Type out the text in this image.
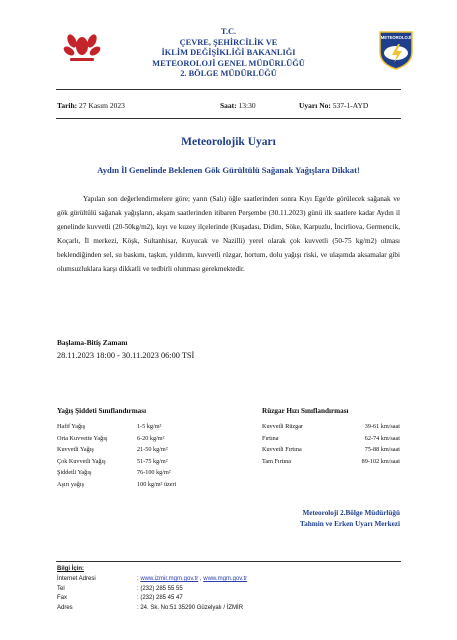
T.C.
ÇEVRE, ŞEHİRCİLİK VE
İKLİM DEĞİŞİKLİĞİ BAKANLIĞI
METEOROLOJİ GENEL MÜDÜRLÜĞÜ
2. BÖLGE MÜDÜRLÜĞÜ
METEOROLOJİ
Tarih: 27 Kasım 2023	Saat: 13:30	Uyarı No: 537-1-AYD
Meteorolojik Uyarı
Aydın İl Genelinde Beklenen Gök Gürültülü Sağanak Yağışlara Dikkat!
Yapılan son değerlendirmelere göre; yarın (Salı) öğle saatlerinden sonra Kıyı Ege'de görülecek sağanak ve gök gürültülü sağanak yağışların, akşam saatlerinden itibaren Perşembe (30.11.2023) günü ilk saatlere kadar Aydın il genelinde kuvvetli (20-50kg/m2), kıyı ve kuzey ilçelerinde (Kuşadası, Didim, Söke, Karpuzlu, İncirliova, Germencik, Koçarlı, İl merkezi, Köşk, Sultanhisar, Kuyucak ve Nazilli) yerel olarak çok kuvvetli (50-75 kg/m2) olması beklendiğinden sel, su baskını, taşkın, yıldırım, kuvvetli rüzgar, hortum, dolu yağışı riski, ve ulaşımda aksamalar gibi olumsuzluklara karşı dikkatli ve tedbirli olunması gerekmektedir.
Başlama-Bitiş Zamanı
28.11.2023 18:00 - 30.11.2023 06:00 TSİ
Yağış Şiddeti Sınıflandırması
Hafif Yağış	1-5 kg/m²
Orta Kuvvette Yağış	6-20 kg/m²
Kuvvetli Yağış	21-50 kg/m²
Çok Kuvvetli Yağış	51-75 kg/m²
Şiddetli Yağış	76-100 kg/m²
Aşırı yağış	100 kg/m² üzeri
Rüzgar Hızı Sınıflandırması
Kuvvetli Rüzgar	39-61 km/saat
Fırtına	62-74 km/saat
Kuvvetli Fırtına	75-88 km/saat
Tam Fırtına	89-102 km/saat
Meteoroloji 2.Bölge Müdürlüğü
Tahmin ve Erken Uyarı Merkezi
Bilgi İçin:
İnternet Adresi	: www.izmir.mgm.gov.tr , www.mgm.gov.tr
Tel	: (232) 285 55 55
Fax	: (232) 285 45 47
Adres	: 24. Sk. No:51 35290 Güzelyalı / İZMİR
